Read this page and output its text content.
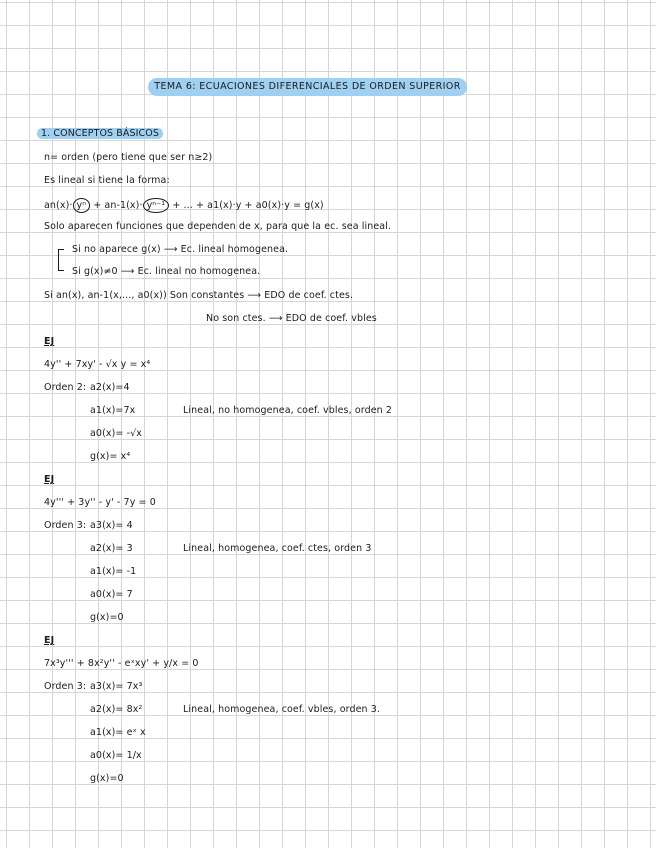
TEMA 6: ECUACIONES DIFERENCIALES DE ORDEN SUPERIOR
1. CONCEPTOS BÁSICOS
n= orden (pero tiene que ser n≥2)
Es lineal si tiene la forma:
an(x)· yⁿ + an-1(x)· yⁿ⁻¹ + ... + a1(x)·y + a0(x)·y = g(x)
Solo aparecen funciones que dependen de x, para que la ec. sea lineal.
Si no aparece g(x) ⟶ Ec. lineal homogenea.
Si g(x)≠0 ⟶ Ec. lineal no homogenea.
Si an(x), an-1(x,..., a0(x)) Son constantes ⟶ EDO de coef. ctes.
No son ctes. ⟶ EDO de coef. vbles
EJ
4y'' + 7xy' - √x y = x⁴
Orden 2: a2(x)=4
a1(x)=7x	Lineal, no homogenea, coef. vbles, orden 2
a0(x)= -√x
g(x)= x⁴
EJ
4y''' + 3y'' - y' - 7y = 0
Orden 3: a3(x)= 4
a2(x)= 3	Lineal, homogenea, coef. ctes, orden 3
a1(x)= -1
a0(x)= 7
g(x)=0
EJ
7x³y''' + 8x²y'' - eˣxy' + y/x = 0
Orden 3: a3(x)= 7x³
a2(x)= 8x²	Lineal, homogenea, coef. vbles, orden 3.
a1(x)= eˣ x
a0(x)= 1/x
g(x)=0
